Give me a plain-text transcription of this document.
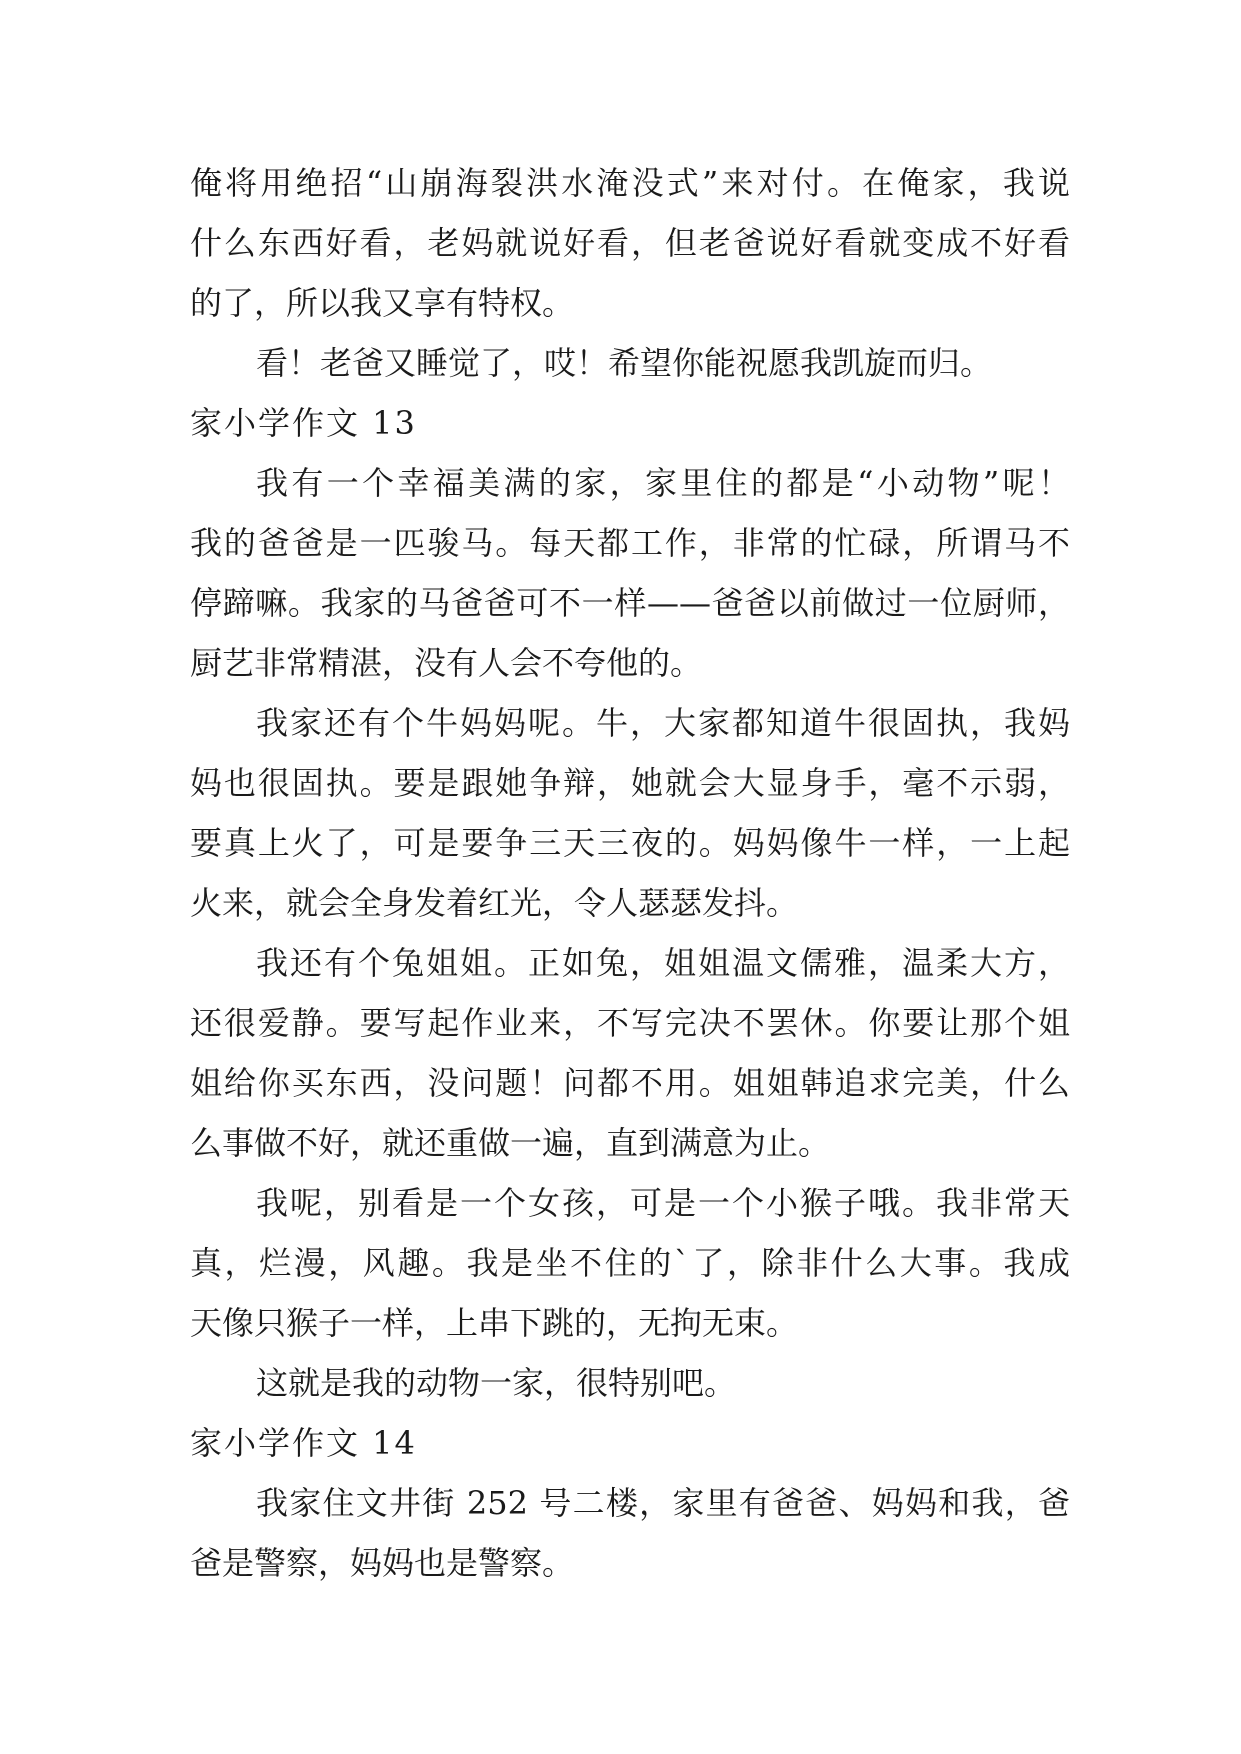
俺将用绝招“山崩海裂洪水淹没式”来对付。在俺家，我说
什么东西好看，老妈就说好看，但老爸说好看就变成不好看
的了，所以我又享有特权。
看！老爸又睡觉了，哎！希望你能祝愿我凯旋而归。
家小学作文 13
我有一个幸福美满的家，家里住的都是“小动物”呢！
我的爸爸是一匹骏马。每天都工作，非常的忙碌，所谓马不
停蹄嘛。我家的马爸爸可不一样——爸爸以前做过一位厨师，
厨艺非常精湛，没有人会不夸他的。
我家还有个牛妈妈呢。牛，大家都知道牛很固执，我妈
妈也很固执。要是跟她争辩，她就会大显身手，毫不示弱，
要真上火了，可是要争三天三夜的。妈妈像牛一样，一上起
火来，就会全身发着红光，令人瑟瑟发抖。
我还有个兔姐姐。正如兔，姐姐温文儒雅，温柔大方，
还很爱静。要写起作业来，不写完决不罢休。你要让那个姐
姐给你买东西，没问题！问都不用。姐姐韩追求完美，什么
么事做不好，就还重做一遍，直到满意为止。
我呢，别看是一个女孩，可是一个小猴子哦。我非常天
真，烂漫，风趣。我是坐不住的`了，除非什么大事。我成
天像只猴子一样，上串下跳的，无拘无束。
这就是我的动物一家，很特别吧。
家小学作文 14
我家住文井街 252 号二楼，家里有爸爸、妈妈和我，爸
爸是警察，妈妈也是警察。
